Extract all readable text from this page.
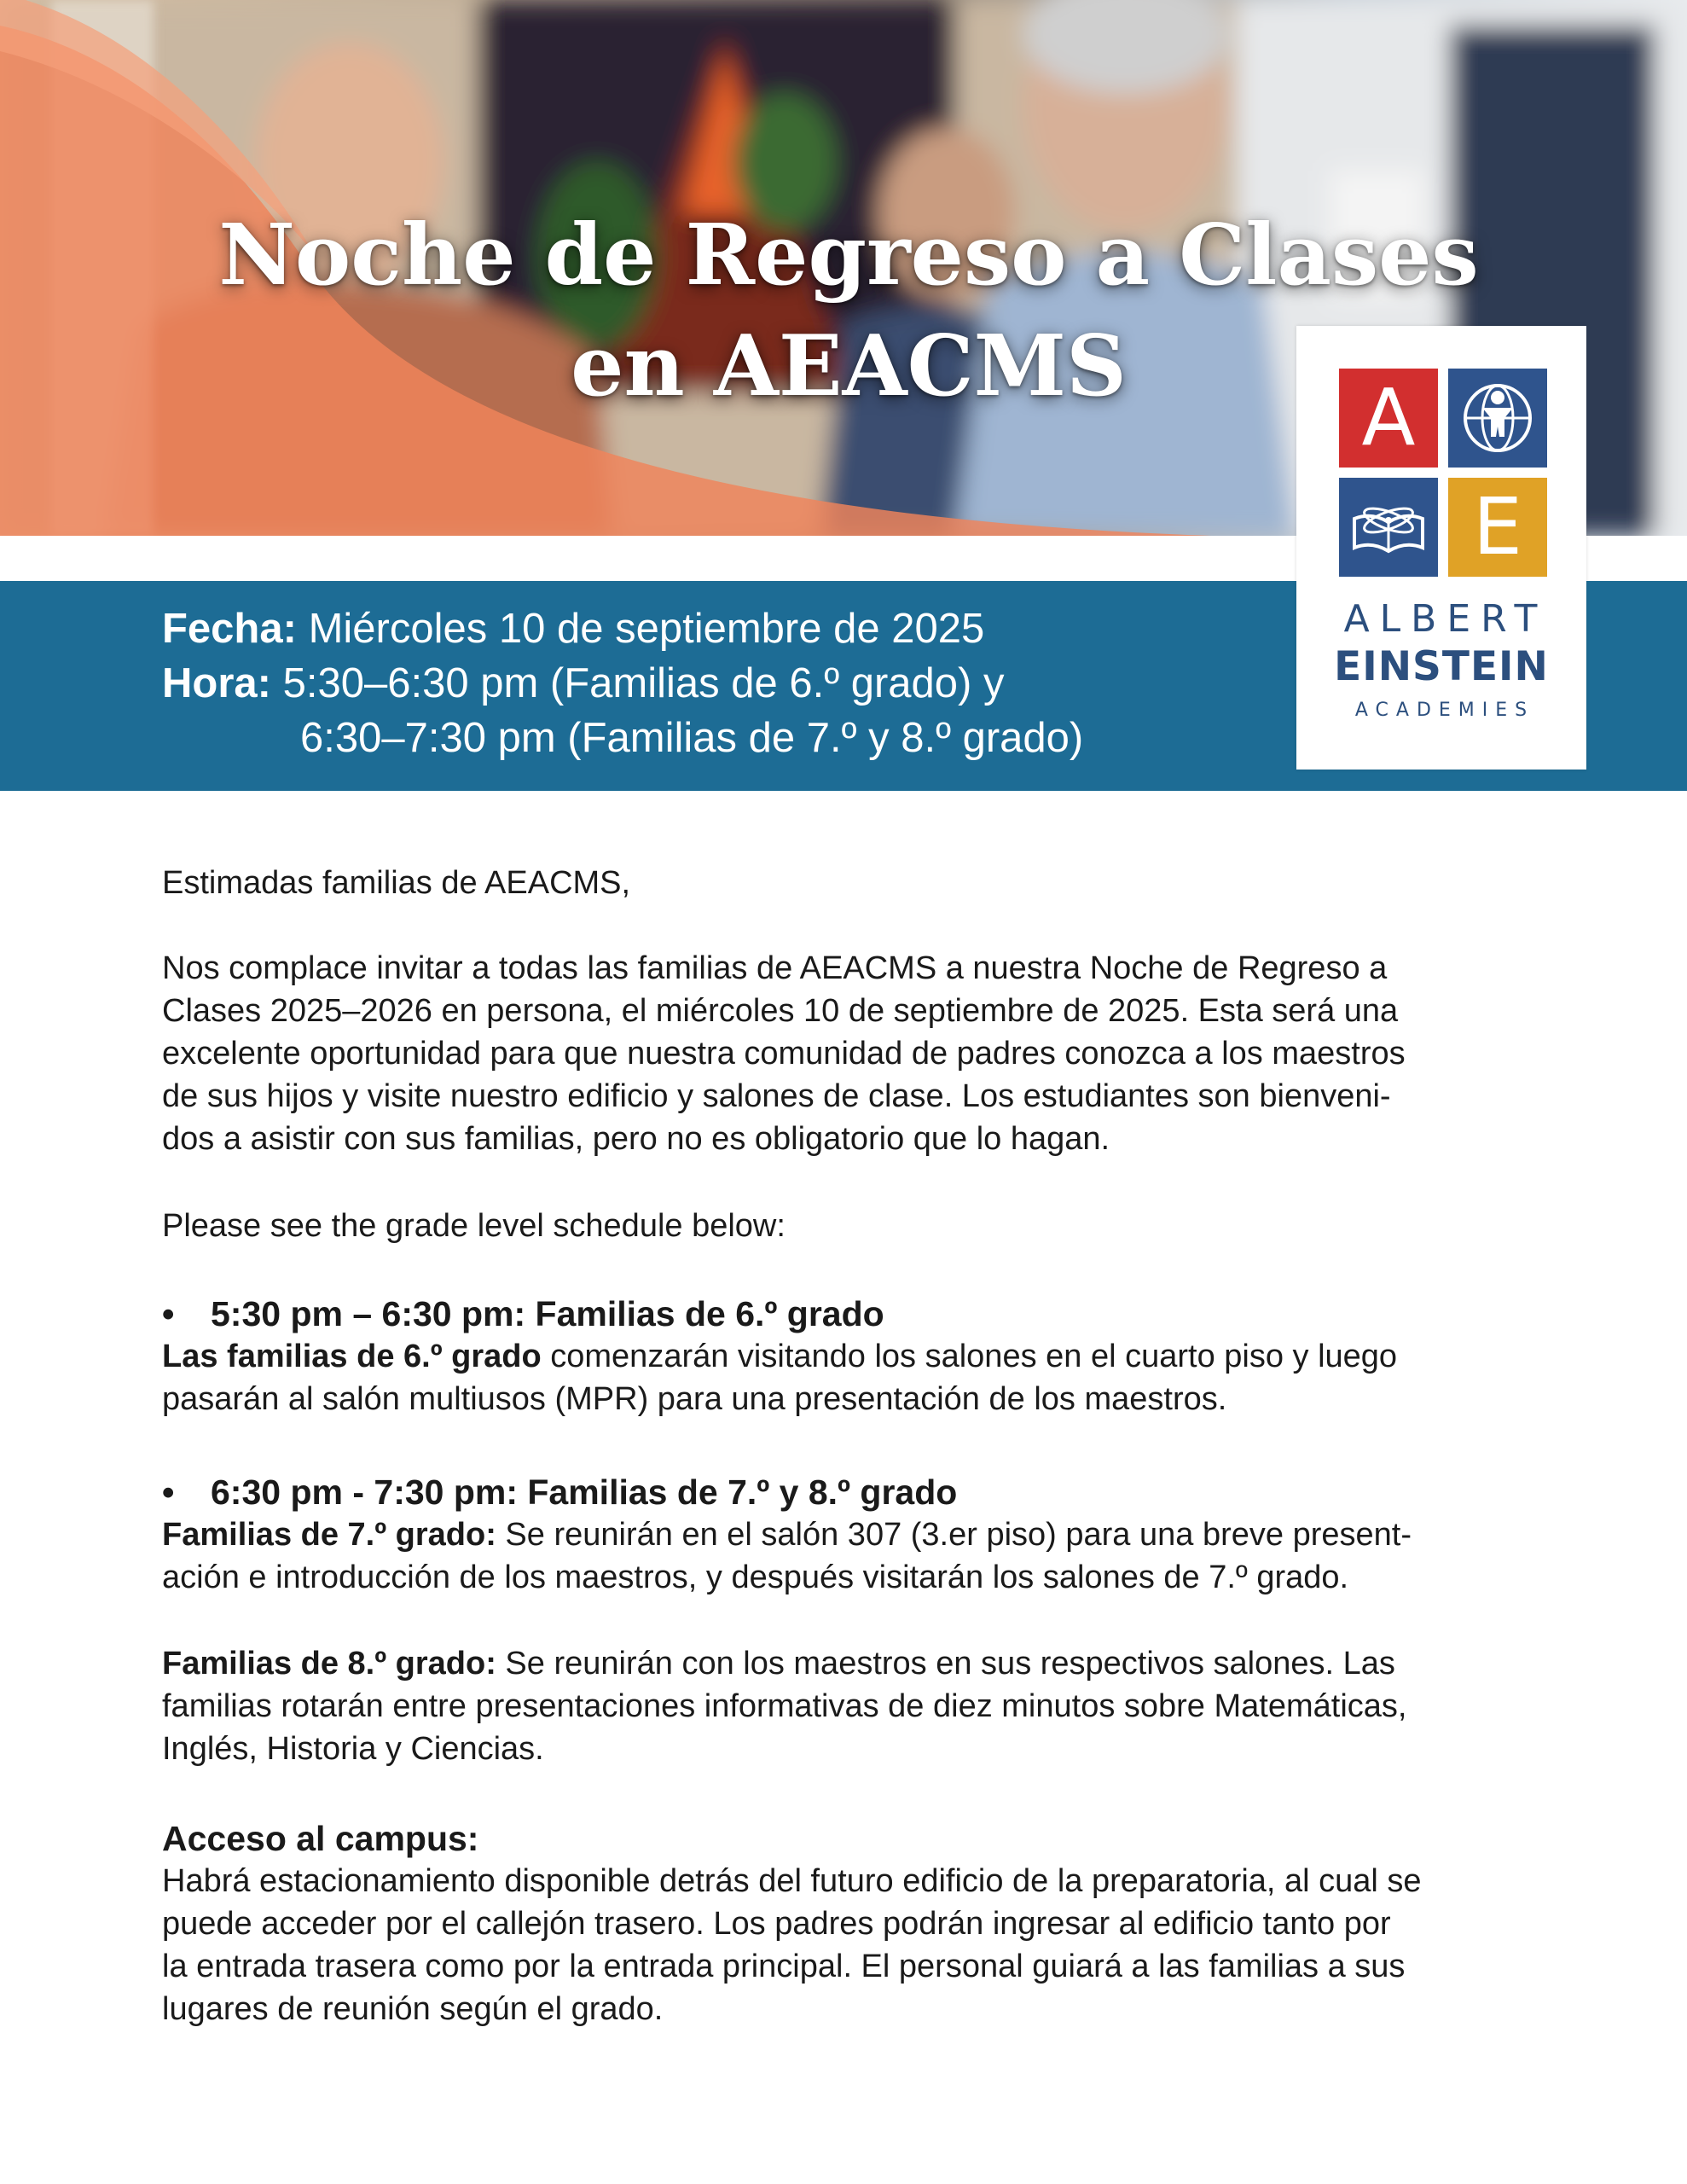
Noche de Regreso a Clases
en AEACMS
Fecha: Miércoles 10 de septiembre de 2025
Hora: 5:30–6:30 pm (Familias de 6.º grado) y
6:30–7:30 pm (Familias de 7.º y 8.º grado)
A
E
ALBERT
EINSTEIN
ACADEMIES

Estimadas familias de AEACMS,

Nos complace invitar a todas las familias de AEACMS a nuestra Noche de Regreso a

Clases 2025–2026 en persona, el miércoles 10 de septiembre de 2025. Esta será una

excelente oportunidad para que nuestra comunidad de padres conozca a los maestros

de sus hijos y visite nuestro edificio y salones de clase. Los estudiantes son bienveni-

dos a asistir con sus familias, pero no es obligatorio que lo hagan.

Please see the grade level schedule below:

• 5:30 pm – 6:30 pm: Familias de 6.º grado

Las familias de 6.º grado comenzarán visitando los salones en el cuarto piso y luego

pasarán al salón multiusos (MPR) para una presentación de los maestros.

• 6:30 pm - 7:30 pm: Familias de 7.º y 8.º grado

Familias de 7.º grado: Se reunirán en el salón 307 (3.er piso) para una breve present-

ación e introducción de los maestros, y después visitarán los salones de 7.º grado.

Familias de 8.º grado: Se reunirán con los maestros en sus respectivos salones. Las

familias rotarán entre presentaciones informativas de diez minutos sobre Matemáticas,

Inglés, Historia y Ciencias.

Acceso al campus:

Habrá estacionamiento disponible detrás del futuro edificio de la preparatoria, al cual se

puede acceder por el callejón trasero. Los padres podrán ingresar al edificio tanto por

la entrada trasera como por la entrada principal. El personal guiará a las familias a sus

lugares de reunión según el grado.
